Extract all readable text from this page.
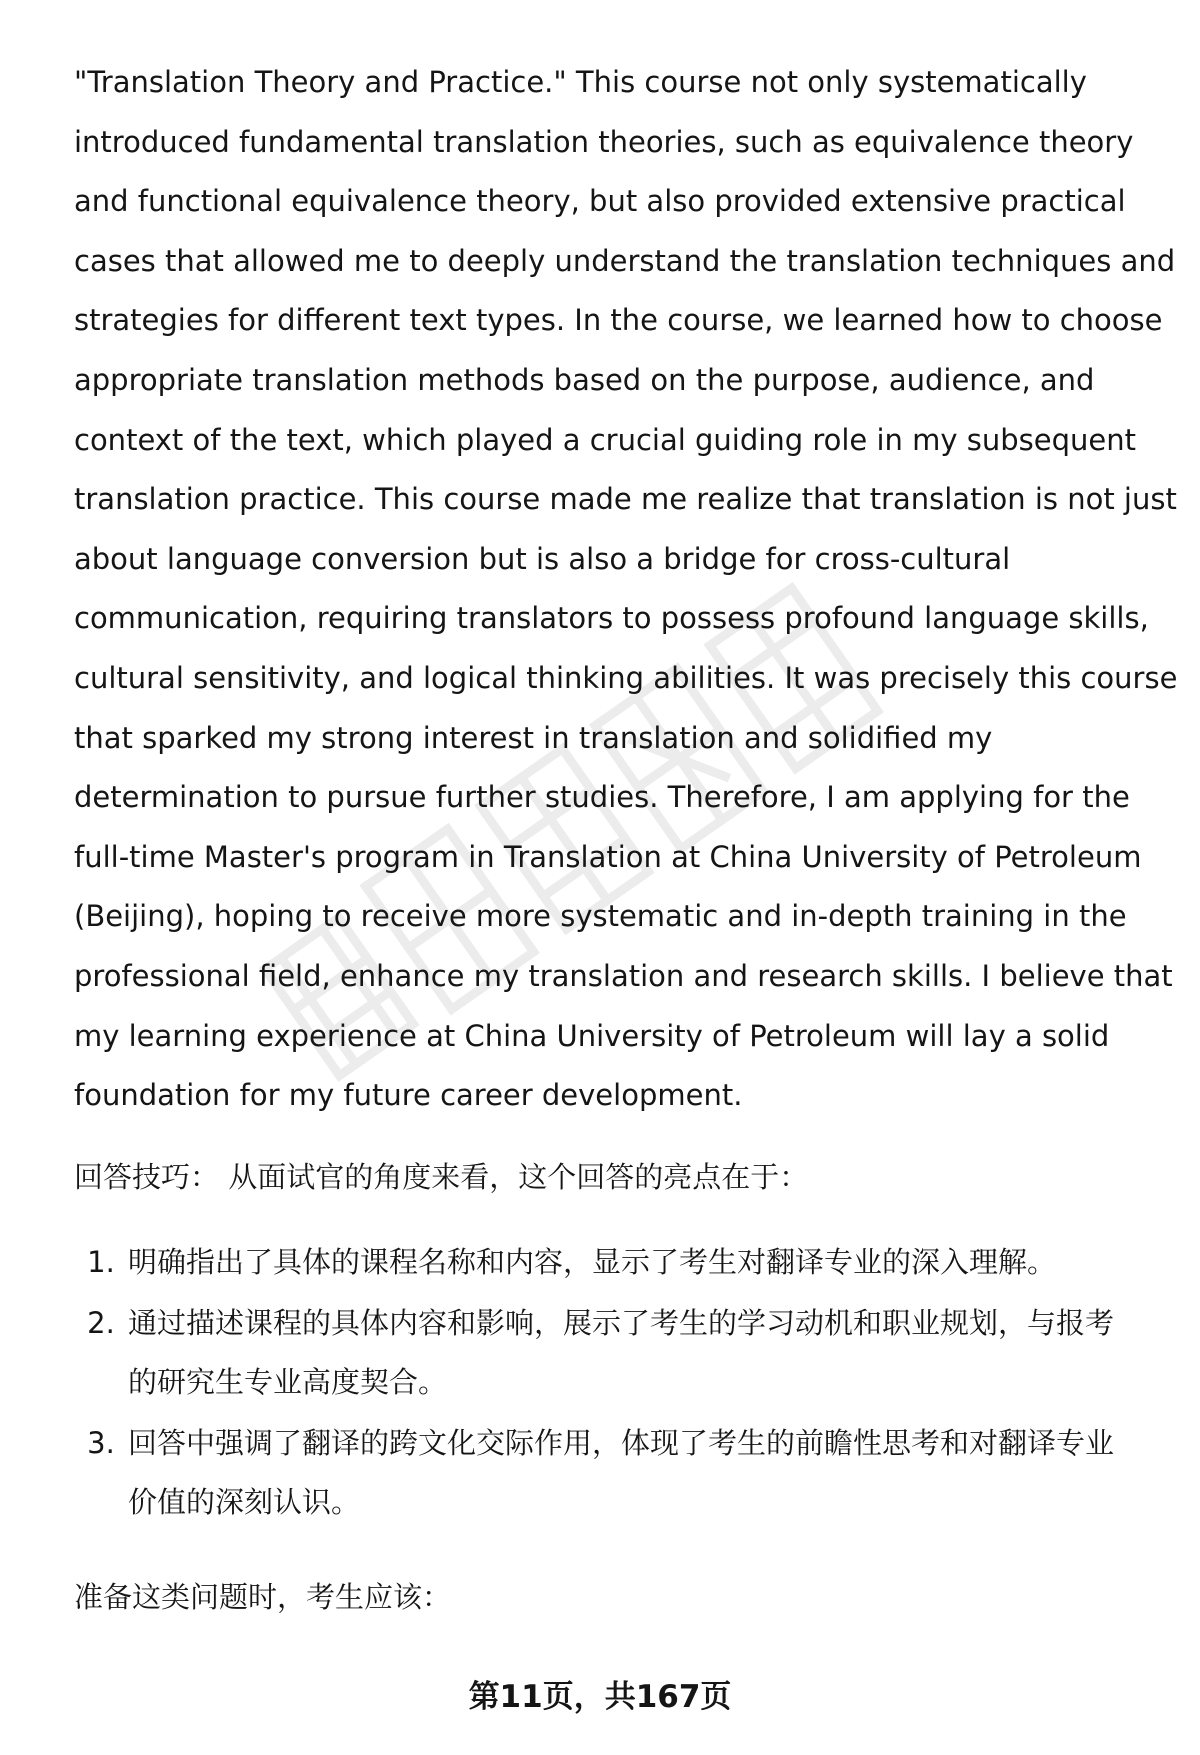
"Translation Theory and Practice." This course not only systematically

introduced fundamental translation theories, such as equivalence theory

and functional equivalence theory, but also provided extensive practical

cases that allowed me to deeply understand the translation techniques and

strategies for different text types. In the course, we learned how to choose

appropriate translation methods based on the purpose, audience, and

context of the text, which played a crucial guiding role in my subsequent

translation practice. This course made me realize that translation is not just

about language conversion but is also a bridge for cross-cultural

communication, requiring translators to possess profound language skills,

cultural sensitivity, and logical thinking abilities. It was precisely this course

that sparked my strong interest in translation and solidified my

determination to pursue further studies. Therefore, I am applying for the

full-time Master's program in Translation at China University of Petroleum

(Beijing), hoping to receive more systematic and in-depth training in the

professional field, enhance my translation and research skills. I believe that

my learning experience at China University of Petroleum will lay a solid

foundation for my future career development.

回答技巧： 从面试官的角度来看，这个回答的亮点在于：

1. 明确指出了具体的课程名称和内容，显示了考生对翻译专业的深入理解。
2. 通过描述课程的具体内容和影响，展示了考生的学习动机和职业规划，与报考
的研究生专业高度契合。
3. 回答中强调了翻译的跨文化交际作用，体现了考生的前瞻性思考和对翻译专业
价值的深刻认识。

准备这类问题时，考生应该：

第11页，共167页
